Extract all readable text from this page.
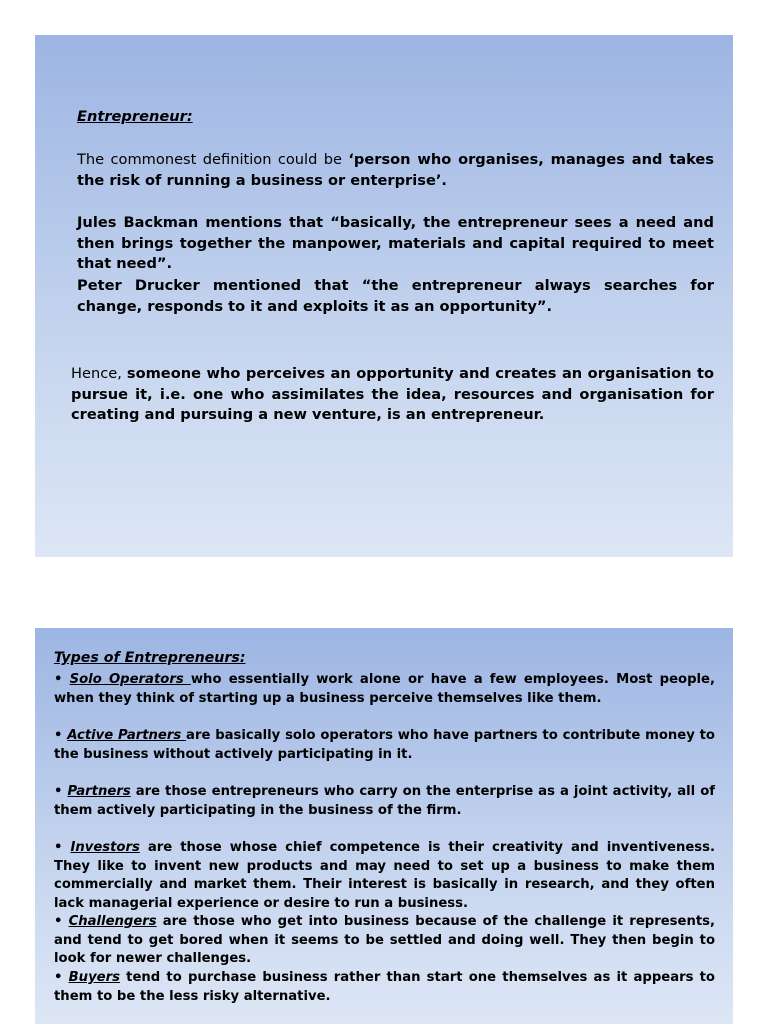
Entrepreneur:
The commonest definition could be ‘person who organises, manages and takes the risk of running a business or enterprise’.
Jules Backman mentions that “basically, the entrepreneur sees a need and then brings together the manpower, materials and capital required to meet that need”.
Peter Drucker mentioned that “the entrepreneur always searches for change, responds to it and exploits it as an opportunity”.
Hence, someone who perceives an opportunity and creates an organisation to pursue it, i.e. one who assimilates the idea, resources and organisation for creating and pursuing a new venture, is an entrepreneur.
Types of Entrepreneurs:
• Solo Operators who essentially work alone or have a few employees. Most people, when they think of starting up a business perceive themselves like them.
• Active Partners are basically solo operators who have partners to contribute money to the business without actively participating in it.
• Partners are those entrepreneurs who carry on the enterprise as a joint activity, all of them actively participating in the business of the firm.
• Investors are those whose chief competence is their creativity and inventiveness. They like to invent new products and may need to set up a business to make them commercially and market them. Their interest is basically in research, and they often lack managerial experience or desire to run a business.
• Challengers are those who get into business because of the challenge it represents, and tend to get bored when it seems to be settled and doing well. They then begin to look for newer challenges.
• Buyers tend to purchase business rather than start one themselves as it appears to them to be the less risky alternative.
